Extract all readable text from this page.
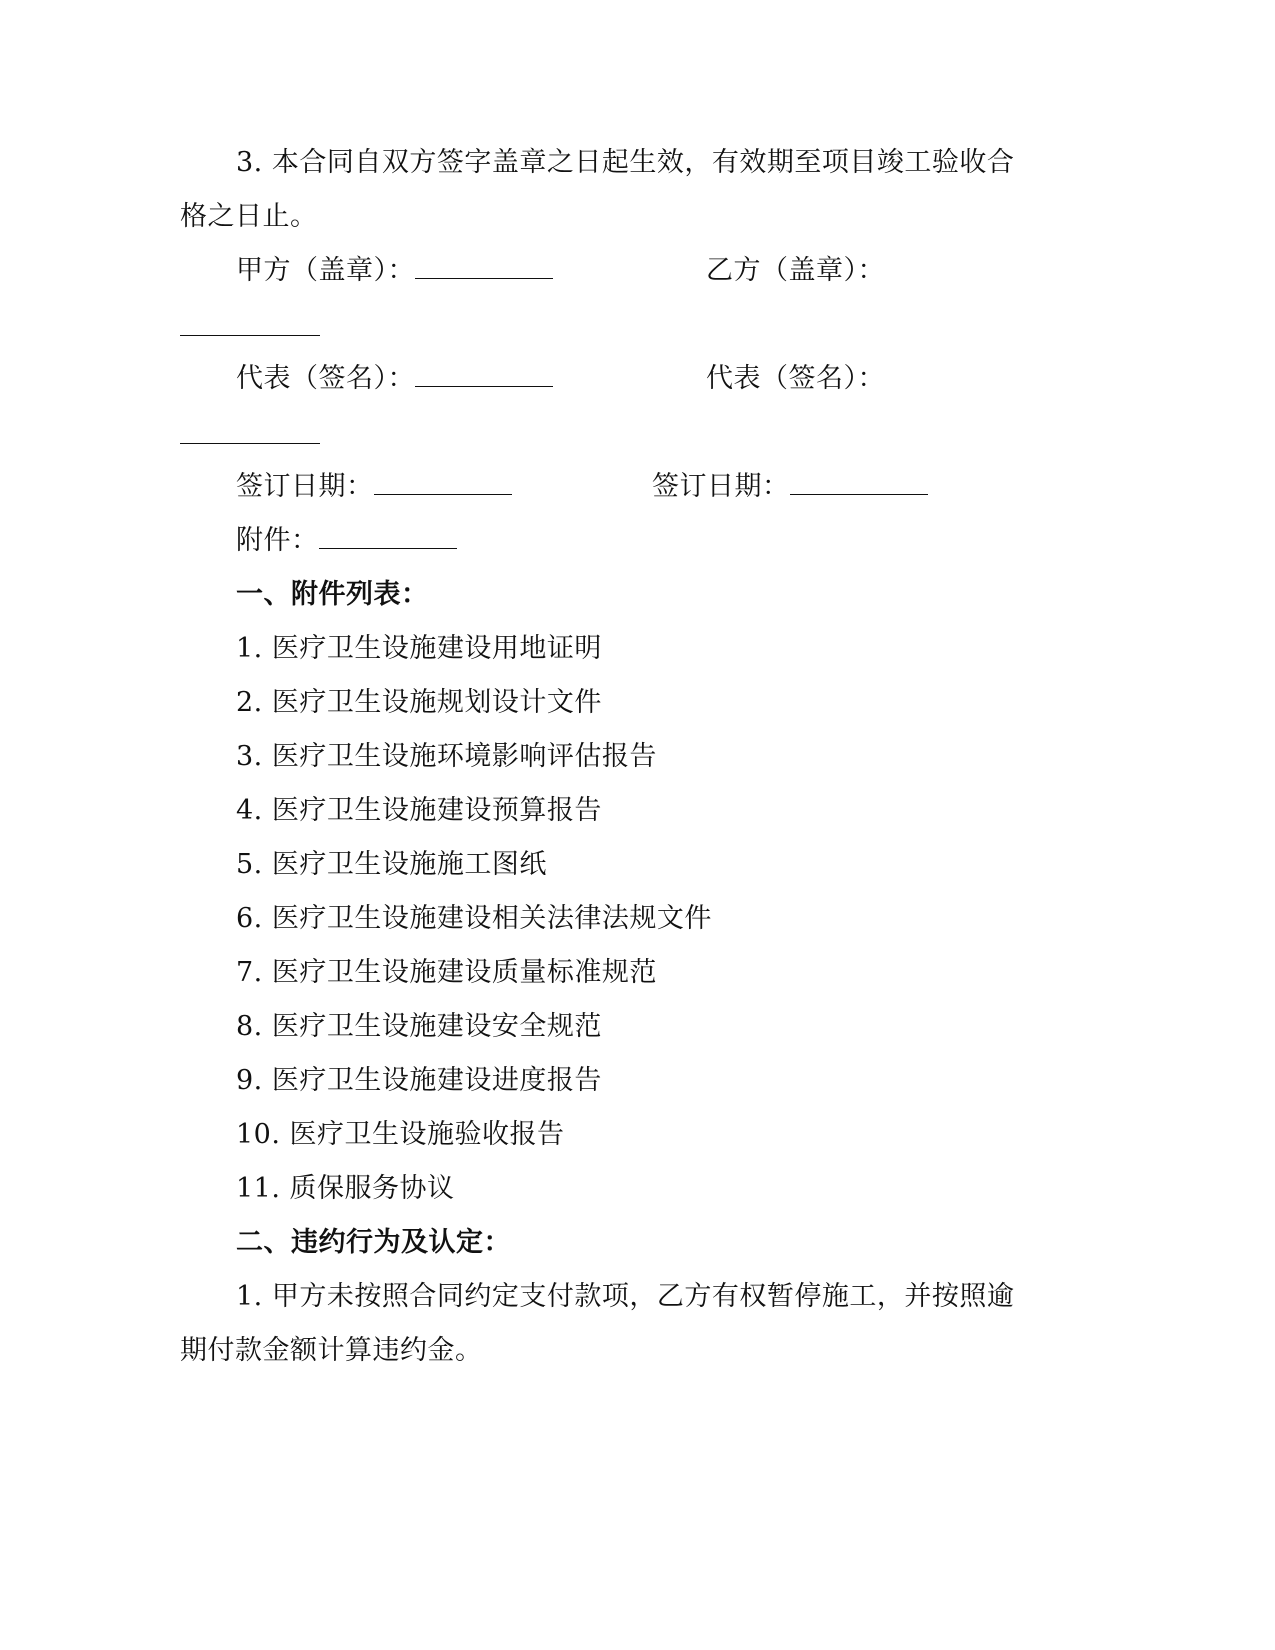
3. 本合同自双方签字盖章之日起生效，有效期至项目竣工验收合
格之日止。
甲方（盖章）：	乙方（盖章）：
代表（签名）：	代表（签名）：
签订日期：	签订日期：
附件：
一、附件列表：
1. 医疗卫生设施建设用地证明
2. 医疗卫生设施规划设计文件
3. 医疗卫生设施环境影响评估报告
4. 医疗卫生设施建设预算报告
5. 医疗卫生设施施工图纸
6. 医疗卫生设施建设相关法律法规文件
7. 医疗卫生设施建设质量标准规范
8. 医疗卫生设施建设安全规范
9. 医疗卫生设施建设进度报告
10. 医疗卫生设施验收报告
11. 质保服务协议
二、违约行为及认定：
1. 甲方未按照合同约定支付款项，乙方有权暂停施工，并按照逾
期付款金额计算违约金。
